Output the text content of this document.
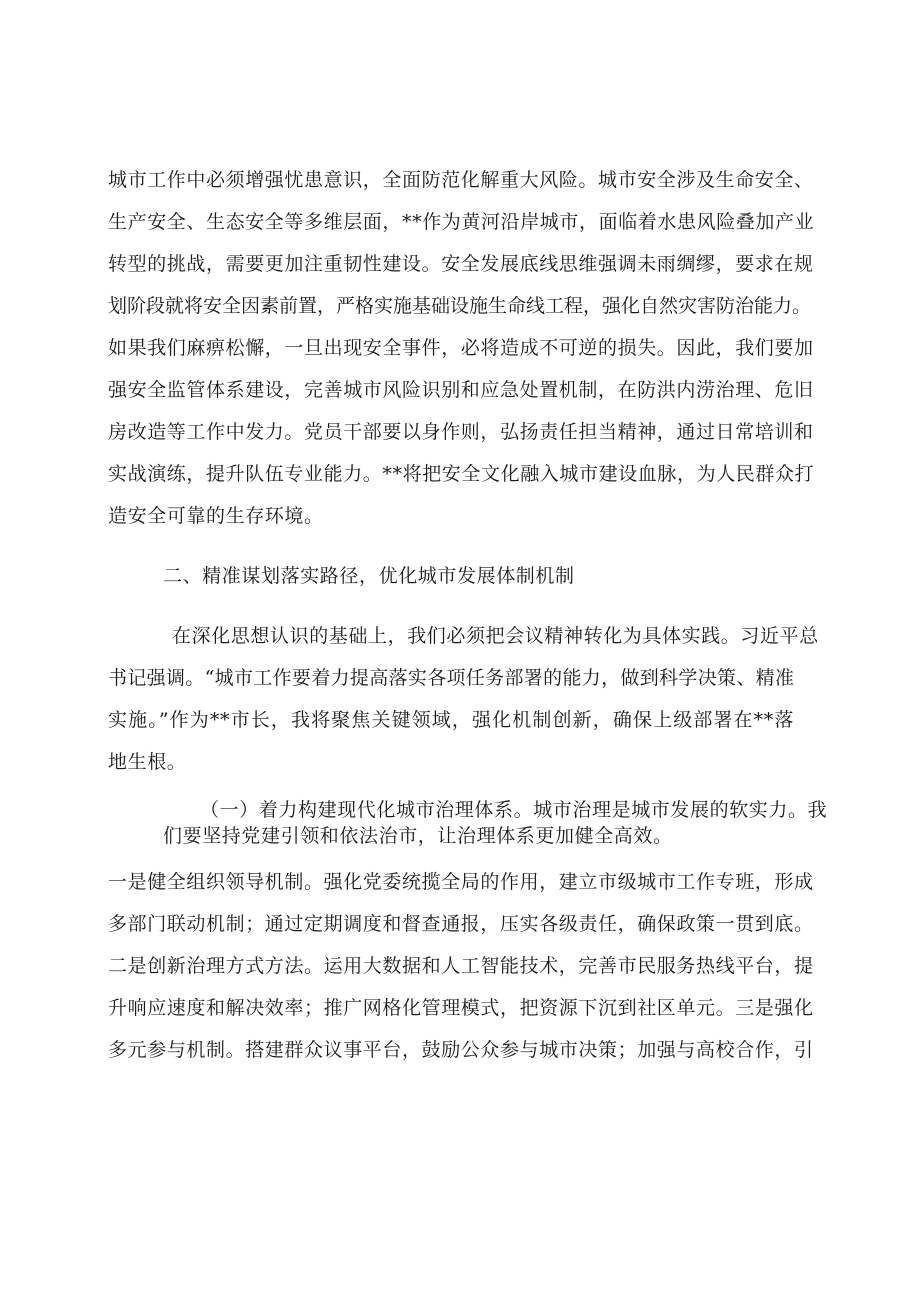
城市工作中必须增强忧患意识，全面防范化解重大风险。城市安全涉及生命安全、
生产安全、生态安全等多维层面，**作为黄河沿岸城市，面临着水患风险叠加产业
转型的挑战，需要更加注重韧性建设。安全发展底线思维强调未雨绸缪，要求在规
划阶段就将安全因素前置，严格实施基础设施生命线工程，强化自然灾害防治能力。
如果我们麻痹松懈，一旦出现安全事件，必将造成不可逆的损失。因此，我们要加
强安全监管体系建设，完善城市风险识别和应急处置机制，在防洪内涝治理、危旧
房改造等工作中发力。党员干部要以身作则，弘扬责任担当精神，通过日常培训和
实战演练，提升队伍专业能力。**将把安全文化融入城市建设血脉，为人民群众打
造安全可靠的生存环境。
二、精准谋划落实路径，优化城市发展体制机制
在深化思想认识的基础上，我们必须把会议精神转化为具体实践。习近平总
书记强调。“城市工作要着力提高落实各项任务部署的能力，做到科学决策、精准
实施。”作为**市长，我将聚焦关键领域，强化机制创新，确保上级部署在**落
地生根。
（一）着力构建现代化城市治理体系。城市治理是城市发展的软实力。我
们要坚持党建引领和依法治市，让治理体系更加健全高效。
一是健全组织领导机制。强化党委统揽全局的作用，建立市级城市工作专班，形成
多部门联动机制；通过定期调度和督查通报，压实各级责任，确保政策一贯到底。
二是创新治理方式方法。运用大数据和人工智能技术，完善市民服务热线平台，提
升响应速度和解决效率；推广网格化管理模式，把资源下沉到社区单元。三是强化
多元参与机制。搭建群众议事平台，鼓励公众参与城市决策；加强与高校合作，引
